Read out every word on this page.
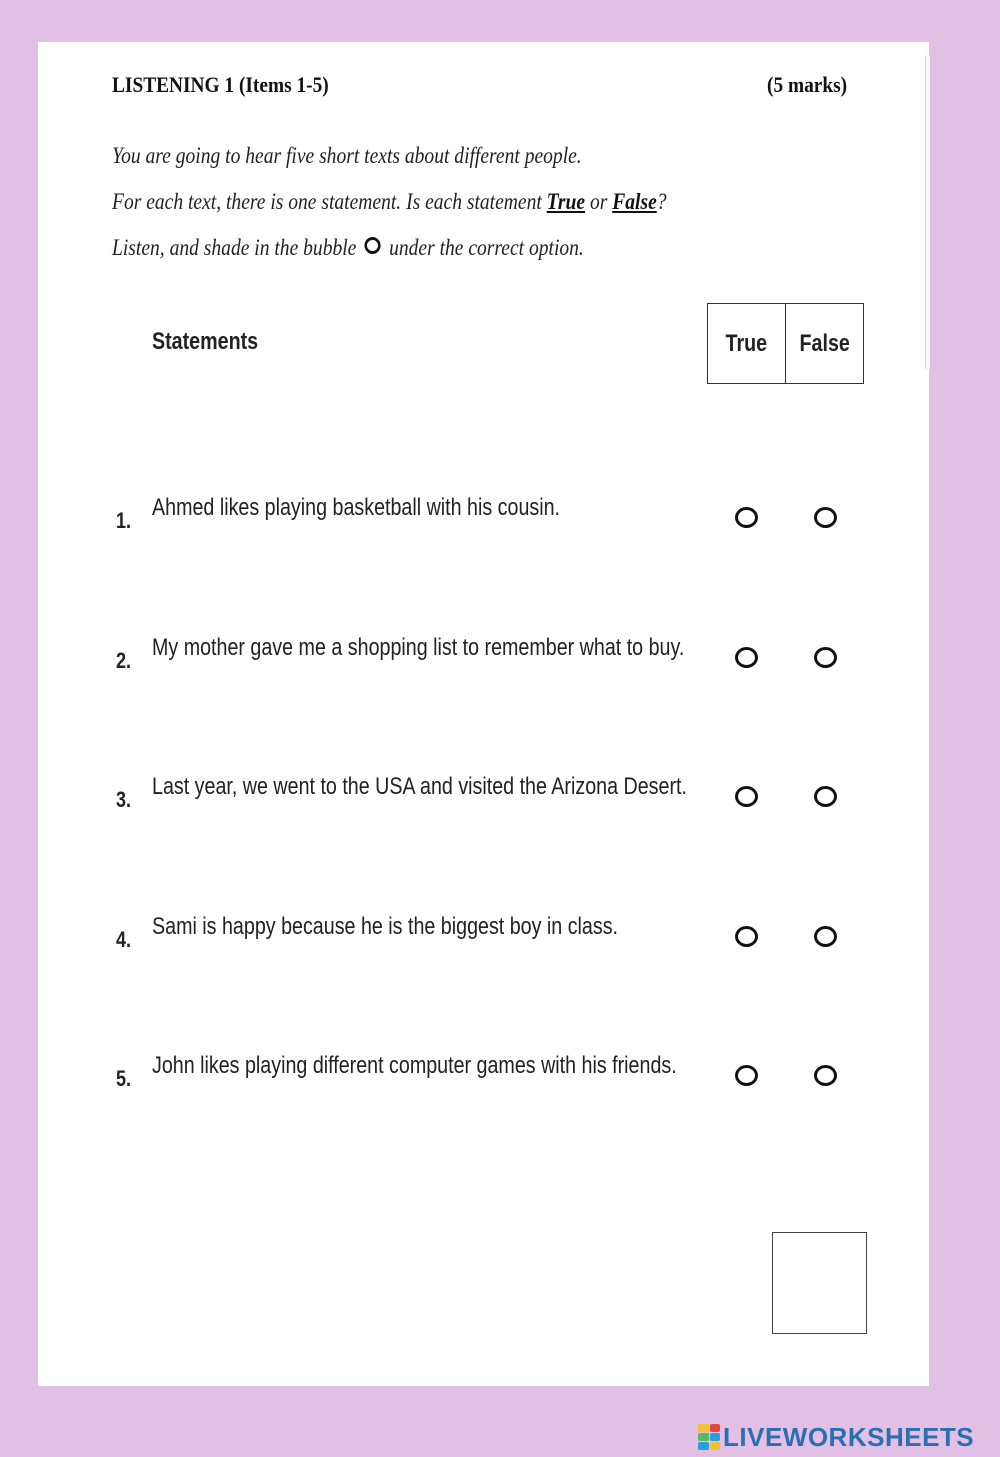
LISTENING 1 (Items 1-5)	(5 marks)
You are going to hear five short texts about different people.
For each text, there is one statement. Is each statement True or False?
Listen, and shade in the bubble under the correct option.
Statements	True False
1. Ahmed likes playing basketball with his cousin.
2. My mother gave me a shopping list to remember what to buy.
3. Last year, we went to the USA and visited the Arizona Desert.
4. Sami is happy because he is the biggest boy in class.
5. John likes playing different computer games with his friends.
LIVEWORKSHEETS
